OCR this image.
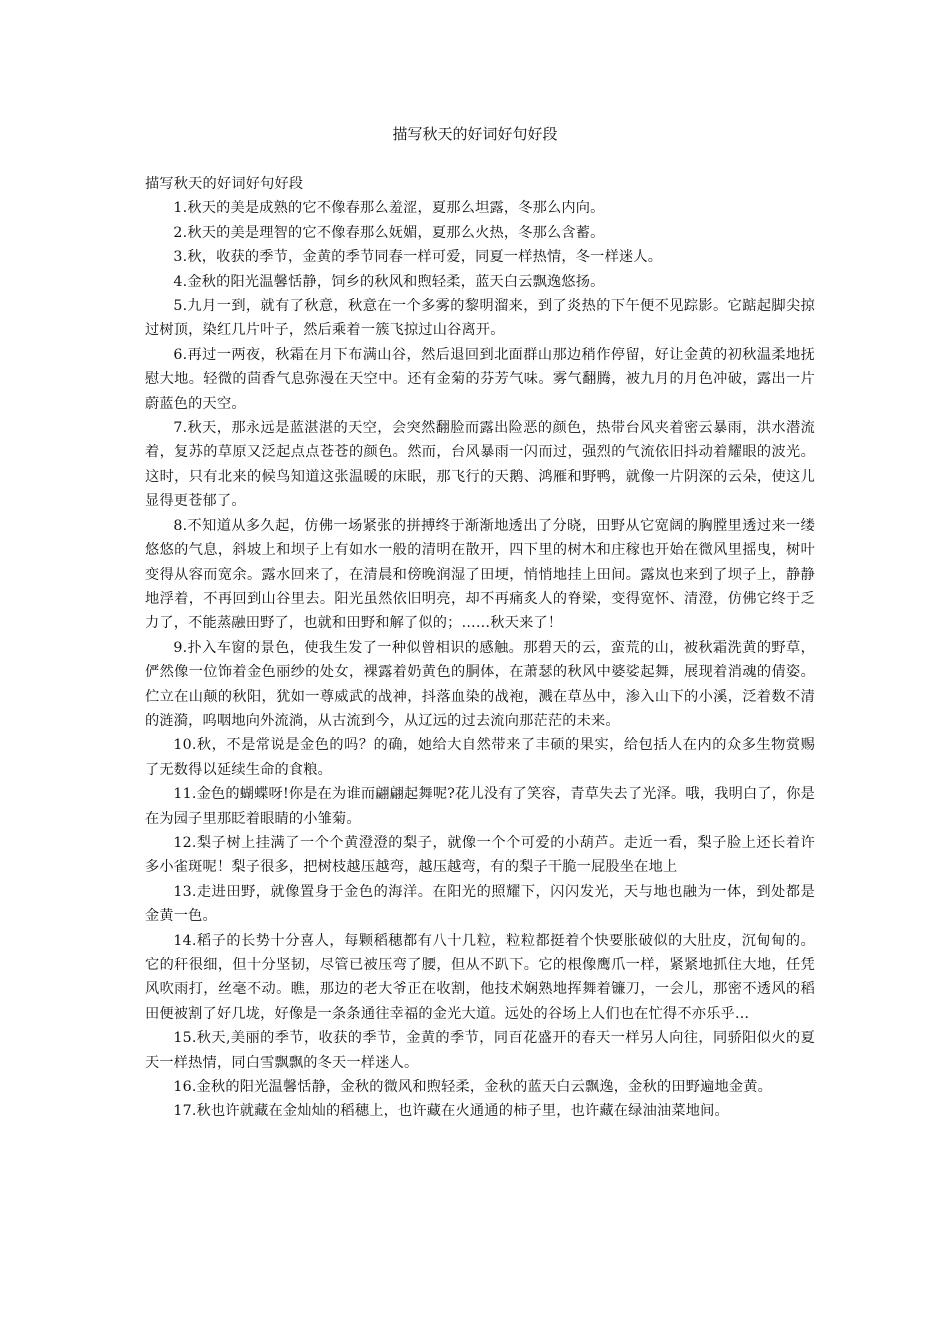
描写秋天的好词好句好段
描写秋天的好词好句好段

1.秋天的美是成熟的它不像春那么羞涩，夏那么坦露，冬那么内向。

2.秋天的美是理智的它不像春那么妩媚，夏那么火热，冬那么含蓄。

3.秋，收获的季节，金黄的季节同春一样可爱，同夏一样热情，冬一样迷人。

4.金秋的阳光温馨恬静，饲乡的秋风和煦轻柔，蓝天白云飘逸悠扬。

5.九月一到，就有了秋意，秋意在一个多雾的黎明溜来，到了炎热的下午便不见踪影。它踮起脚尖掠过树顶，染红几片叶子，然后乘着一簇飞掠过山谷离开。

6.再过一两夜，秋霜在月下布满山谷，然后退回到北面群山那边稍作停留，好让金黄的初秋温柔地抚慰大地。轻微的茴香气息弥漫在天空中。还有金菊的芬芳气味。雾气翻腾，被九月的月色冲破，露出一片蔚蓝色的天空。

7.秋天，那永远是蓝湛湛的天空，会突然翻脸而露出险恶的颜色，热带台风夹着密云暴雨，洪水潜流着，复苏的草原又泛起点点苍苍的颜色。然而，台风暴雨一闪而过，强烈的气流依旧抖动着耀眼的波光。这时，只有北来的候鸟知道这张温暖的床眠，那飞行的天鹅、鸿雁和野鸭，就像一片阴深的云朵，使这儿显得更苍郁了。

8.不知道从多久起，仿佛一场紧张的拼搏终于渐渐地透出了分晓，田野从它宽阔的胸膛里透过来一缕悠悠的气息，斜坡上和坝子上有如水一般的清明在散开，四下里的树木和庄稼也开始在微风里摇曳，树叶变得从容而宽余。露水回来了，在清晨和傍晚润湿了田埂，悄悄地挂上田间。露岚也来到了坝子上，静静地浮着，不再回到山谷里去。阳光虽然依旧明亮，却不再痛炙人的脊梁，变得宽怀、清澄，仿佛它终于乏力了，不能蒸融田野了，也就和田野和解了似的；……秋天来了！

9.扑入车窗的景色，使我生发了一种似曾相识的感触。那碧天的云，蛮荒的山，被秋霜洗黄的野草，俨然像一位饰着金色丽纱的处女，裸露着奶黄色的胴体，在萧瑟的秋风中婆娑起舞，展现着消魂的倩姿。伫立在山颠的秋阳，犹如一尊威武的战神，抖落血染的战袍，溅在草丛中，渗入山下的小溪，泛着数不清的涟漪，呜咽地向外流淌，从古流到今，从辽远的过去流向那茫茫的未来。

10.秋，不是常说是金色的吗？的确，她给大自然带来了丰硕的果实，给包括人在内的众多生物赏赐了无数得以延续生命的食粮。

11.金色的蝴蝶呀!你是在为谁而翩翩起舞呢?花儿没有了笑容，青草失去了光泽。哦，我明白了，你是在为园子里那眨着眼睛的小雏菊。

12.梨子树上挂满了一个个黄澄澄的梨子，就像一个个可爱的小葫芦。走近一看，梨子脸上还长着许多小雀斑呢！梨子很多，把树枝越压越弯，越压越弯，有的梨子干脆一屁股坐在地上

13.走进田野，就像置身于金色的海洋。在阳光的照耀下，闪闪发光，天与地也融为一体，到处都是金黄一色。

14.稻子的长势十分喜人，每颗稻穗都有八十几粒，粒粒都挺着个快要胀破似的大肚皮，沉甸甸的。它的秆很细，但十分坚韧，尽管已被压弯了腰，但从不趴下。它的根像鹰爪一样，紧紧地抓住大地，任凭风吹雨打，丝毫不动。瞧，那边的老大爷正在收割，他技术娴熟地挥舞着镰刀，一会儿，那密不透风的稻田便被割了好几垅，好像是一条条通往幸福的金光大道。远处的谷场上人们也在忙得不亦乐乎…

15.秋天,美丽的季节，收获的季节，金黄的季节，同百花盛开的春天一样另人向往，同骄阳似火的夏天一样热情，同白雪飘飘的冬天一样迷人。

16.金秋的阳光温馨恬静，金秋的微风和煦轻柔，金秋的蓝天白云飘逸，金秋的田野遍地金黄。

17.秋也许就藏在金灿灿的稻穗上，也许藏在火通通的柿子里，也许藏在绿油油菜地间。
